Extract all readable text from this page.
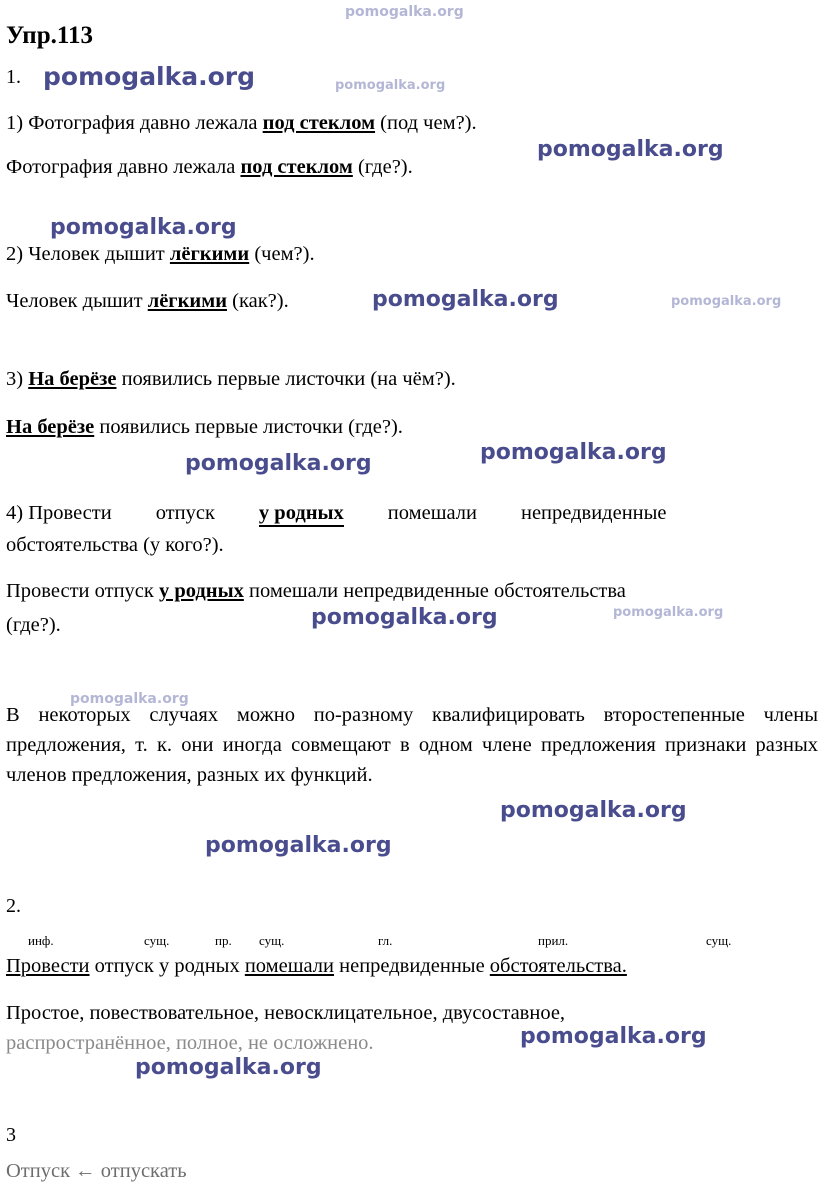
pomogalka.org
pomogalka.org	pomogalka.org
pomogalka.org
pomogalka.org
pomogalka.org	pomogalka.org
pomogalka.org	pomogalka.org
pomogalka.org	pomogalka.org
pomogalka.org
pomogalka.org
pomogalka.org
pomogalka.org
pomogalka.org
Упр.113
1.
1) Фотография давно лежала под стеклом (под чем?).
Фотография давно лежала под стеклом (где?).
2) Человек дышит лёгкими (чем?).
Человек дышит лёгкими (как?).
3) На берёзе появились первые листочки (на чём?).
На берёзе появились первые листочки (где?).
4) Провести отпуск у родных помешали непредвиденные
обстоятельства (у кого?).
Провести отпуск у родных помешали непредвиденные обстоятельства
(где?).
В некоторых случаях можно по-разному квалифицировать второстепенные члены предложения, т. к. они иногда совмещают в одном члене предложения признаки разных членов предложения, разных их функций.
2.
инф.	сущ.	пр. сущ.	гл.	прил.	сущ.
Провести отпуск у родных помешали непредвиденные обстоятельства.
Простое, повествовательное, невосклицательное, двусоставное,
распространённое, полное, не осложнено.
3
Отпуск ← отпускать
